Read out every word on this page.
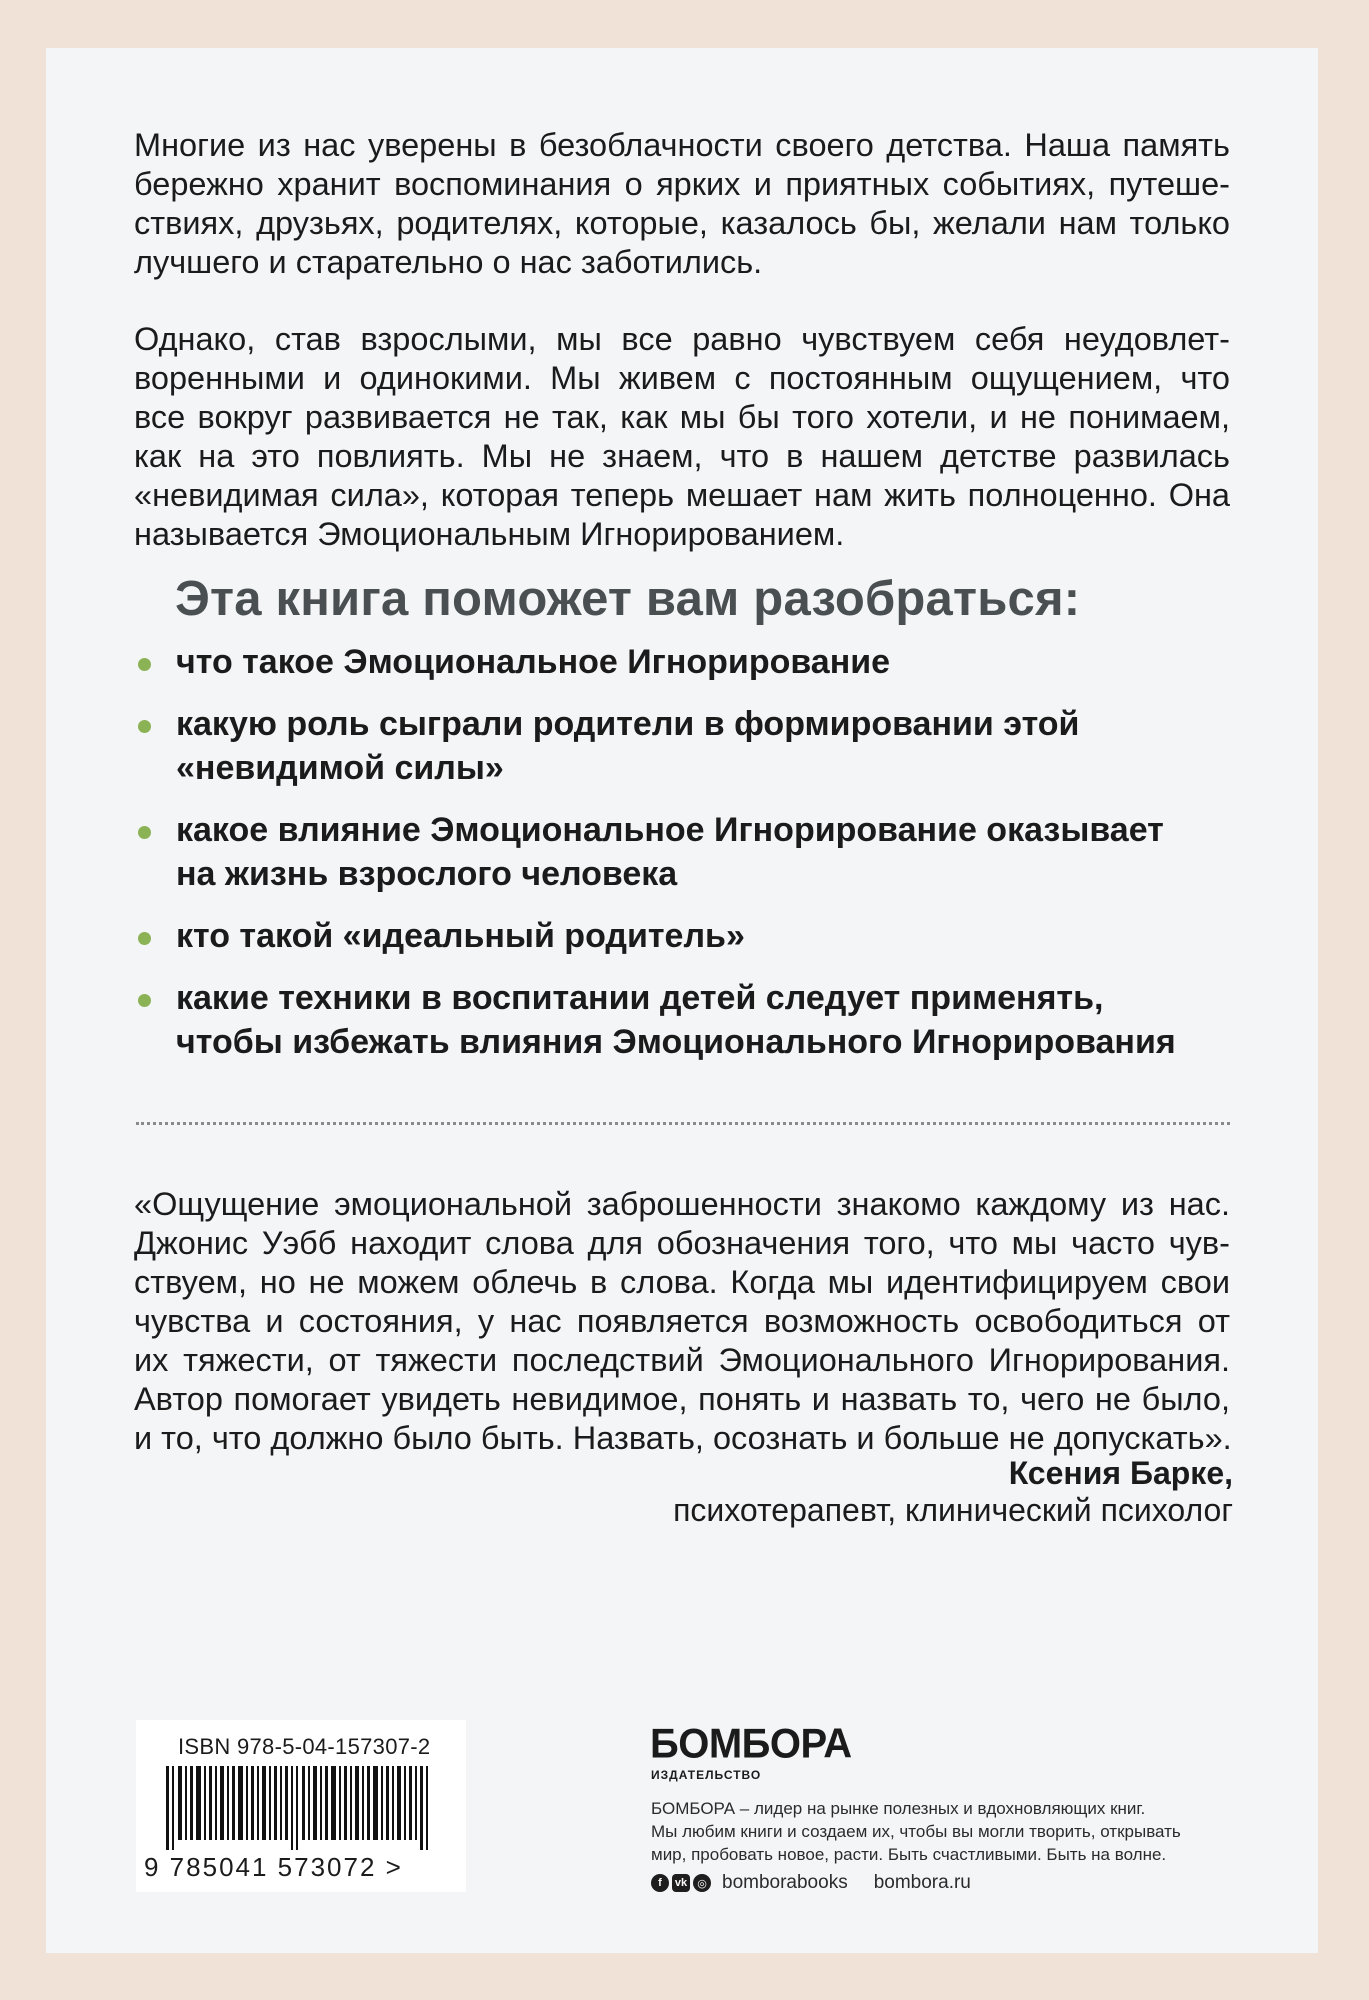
Многие из нас уверены в безоблачности своего детства. Наша память
бережно хранит воспоминания о ярких и приятных событиях, путеше-
ствиях, друзьях, родителях, которые, казалось бы, желали нам только
лучшего и старательно о нас заботились.

Однако, став взрослыми, мы все равно чувствуем себя неудовлет-
воренными и одинокими. Мы живем с постоянным ощущением, что
все вокруг развивается не так, как мы бы того хотели, и не понимаем,
как на это повлиять. Мы не знаем, что в нашем детстве развилась
«невидимая сила», которая теперь мешает нам жить полноценно. Она
называется Эмоциональным Игнорированием.

Эта книга поможет вам разобраться:
что такое Эмоциональное Игнорирование
какую роль сыграли родители в формировании этой
«невидимой силы»
какое влияние Эмоциональное Игнорирование оказывает
на жизнь взрослого человека
кто такой «идеальный родитель»
какие техники в воспитании детей следует применять,
чтобы избежать влияния Эмоционального Игнорирования

«Ощущение эмоциональной заброшенности знакомо каждому из нас.
Джонис Уэбб находит слова для обозначения того, что мы часто чув-
ствуем, но не можем облечь в слова. Когда мы идентифицируем свои
чувства и состояния, у нас появляется возможность освободиться от
их тяжести, от тяжести последствий Эмоционального Игнорирования.
Автор помогает увидеть невидимое, понять и назвать то, чего не было,
и то, что должно было быть. Назвать, осознать и больше не допускать».

Ксения Барке,

психотерапевт, клинический психолог

ISBN 978-5-04-157307-2
9 785041 573072 >

БОМБОРА

ИЗДАТЕЛЬСТВО

БОМБОРА – лидер на рынке полезных и вдохновляющих книг.
Мы любим книги и создаем их, чтобы вы могли творить, открывать
мир, пробовать новое, расти. Быть счастливыми. Быть на волне.

f	vk ◎ bomborabooks bombora.ru
